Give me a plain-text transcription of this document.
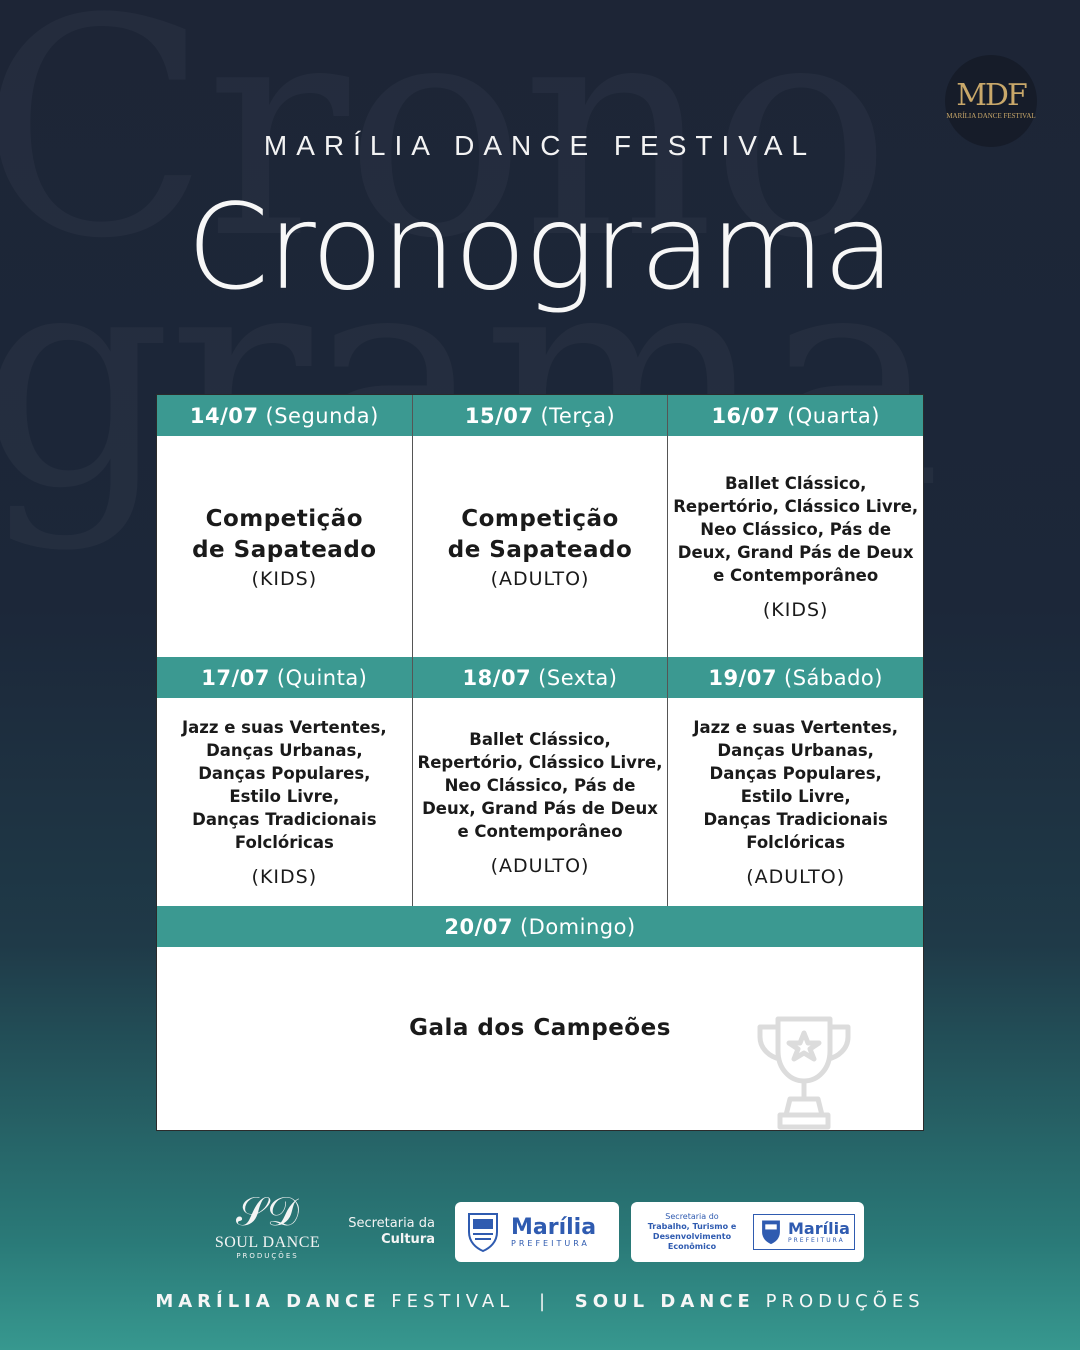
MDF
MARÍLIA DANCE FESTIVAL
MARÍLIA DANCE FESTIVAL
Cronograma
14/07 (Segunda)
Competição
de Sapateado
(KIDS)
15/07 (Terça)
Competição
de Sapateado
(ADULTO)
16/07 (Quarta)
Ballet Clássico,
Repertório, Clássico Livre,
Neo Clássico, Pás de
Deux, Grand Pás de Deux
e Contemporâneo
(KIDS)
17/07 (Quinta)
Jazz e suas Vertentes,
Danças Urbanas,
Danças Populares,
Estilo Livre,
Danças Tradicionais
Folclóricas
(KIDS)
18/07 (Sexta)
Ballet Clássico,
Repertório, Clássico Livre,
Neo Clássico, Pás de
Deux, Grand Pás de Deux
e Contemporâneo
(ADULTO)
19/07 (Sábado)
Jazz e suas Vertentes,
Danças Urbanas,
Danças Populares,
Estilo Livre,
Danças Tradicionais
Folclóricas
(ADULTO)
20/07 (Domingo)
Gala dos Campeões
𝒮𝒟
SOUL DANCE
PRODUÇÕES
Secretaria da
Cultura	Marília
PREFEITURA
Secretaria do
Trabalho, Turismo e
Desenvolvimento
Econômico
Marília
PREFEITURA
MARÍLIA DANCE FESTIVAL | SOUL DANCE PRODUÇÕES
